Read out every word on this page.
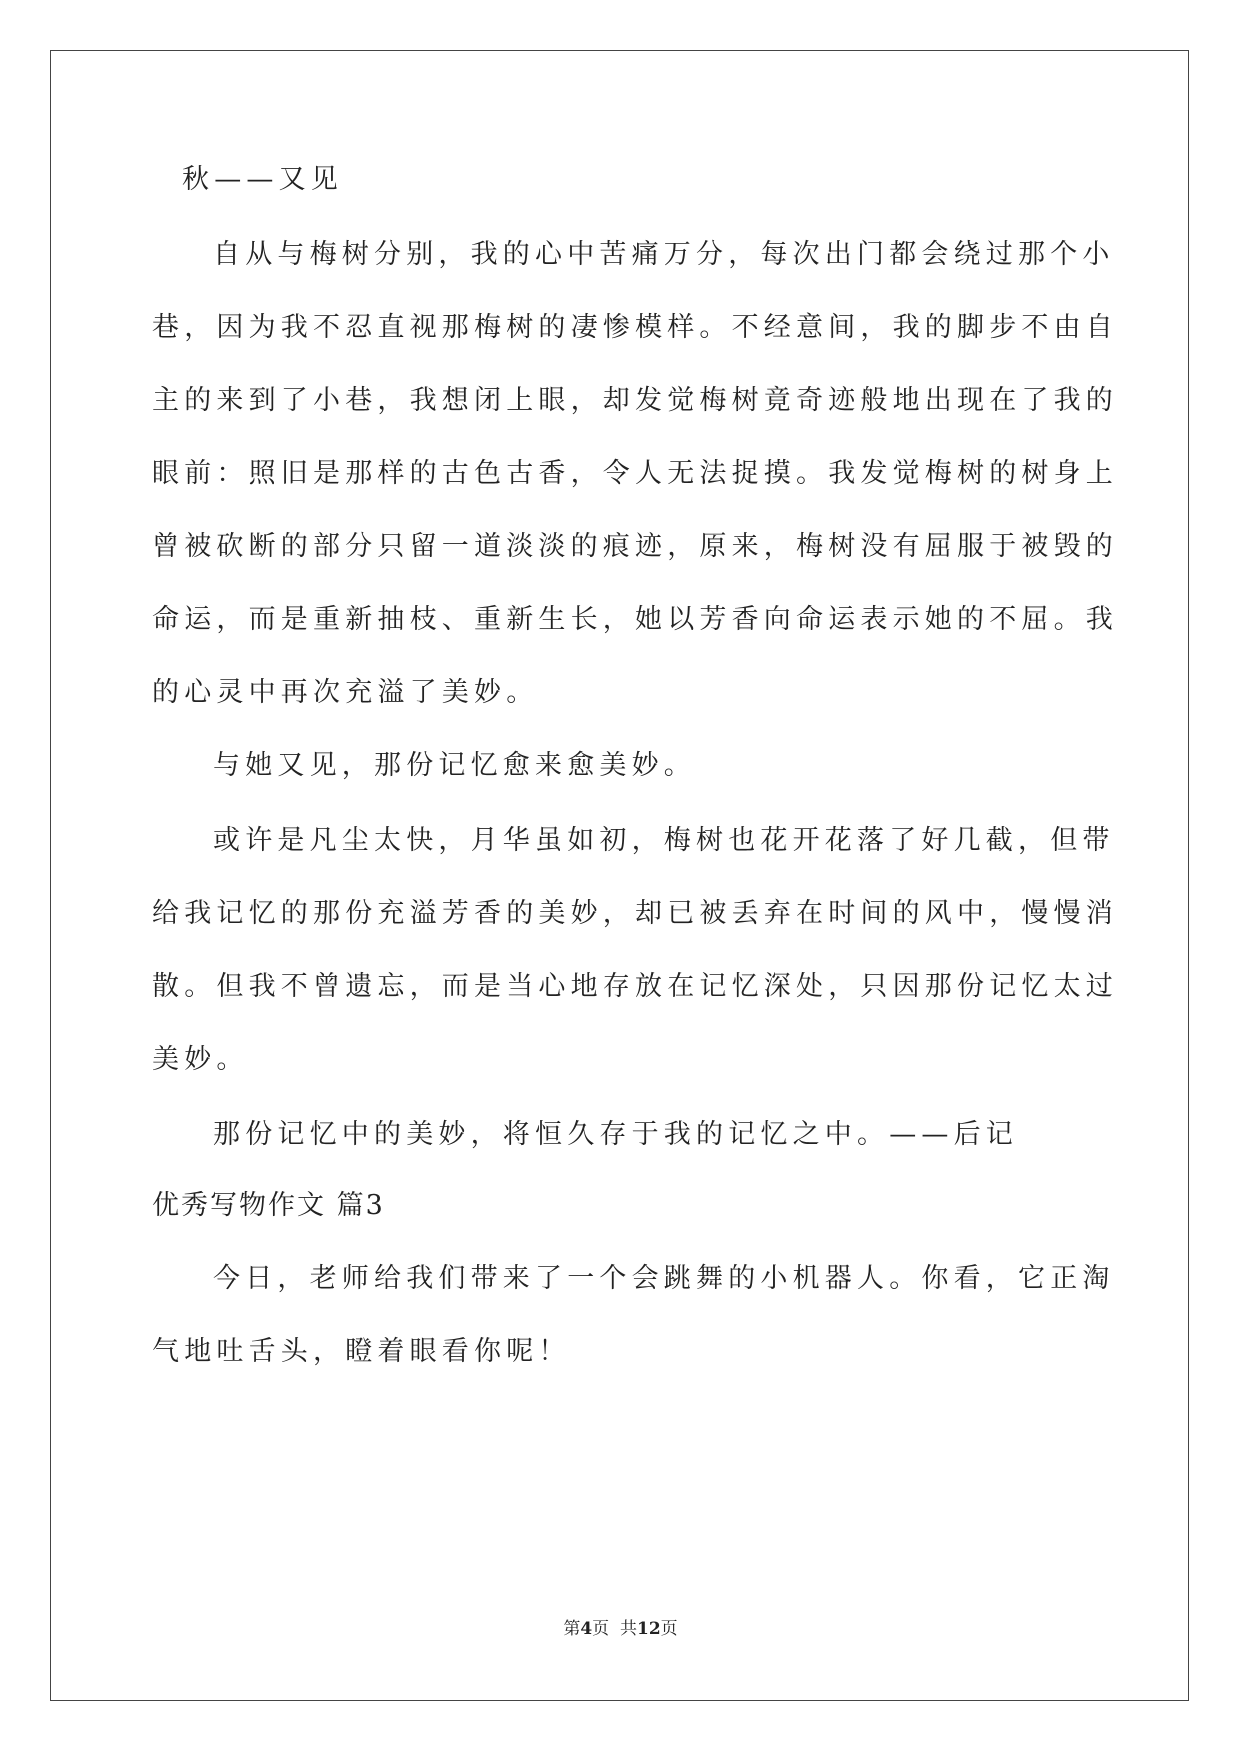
秋——又见
自从与梅树分别，我的心中苦痛万分，每次出门都会绕过那个小
巷，因为我不忍直视那梅树的凄惨模样。不经意间，我的脚步不由自
主的来到了小巷，我想闭上眼，却发觉梅树竟奇迹般地出现在了我的
眼前：照旧是那样的古色古香，令人无法捉摸。我发觉梅树的树身上
曾被砍断的部分只留一道淡淡的痕迹，原来，梅树没有屈服于被毁的
命运，而是重新抽枝、重新生长，她以芳香向命运表示她的不屈。我
的心灵中再次充溢了美妙。
与她又见，那份记忆愈来愈美妙。
或许是凡尘太快，月华虽如初，梅树也花开花落了好几截，但带
给我记忆的那份充溢芳香的美妙，却已被丢弃在时间的风中，慢慢消
散。但我不曾遗忘，而是当心地存放在记忆深处，只因那份记忆太过
美妙。
那份记忆中的美妙，将恒久存于我的记忆之中。——后记
优秀写物作文 篇3
今日，老师给我们带来了一个会跳舞的小机器人。你看，它正淘
气地吐舌头，瞪着眼看你呢！
第4页  共12页
